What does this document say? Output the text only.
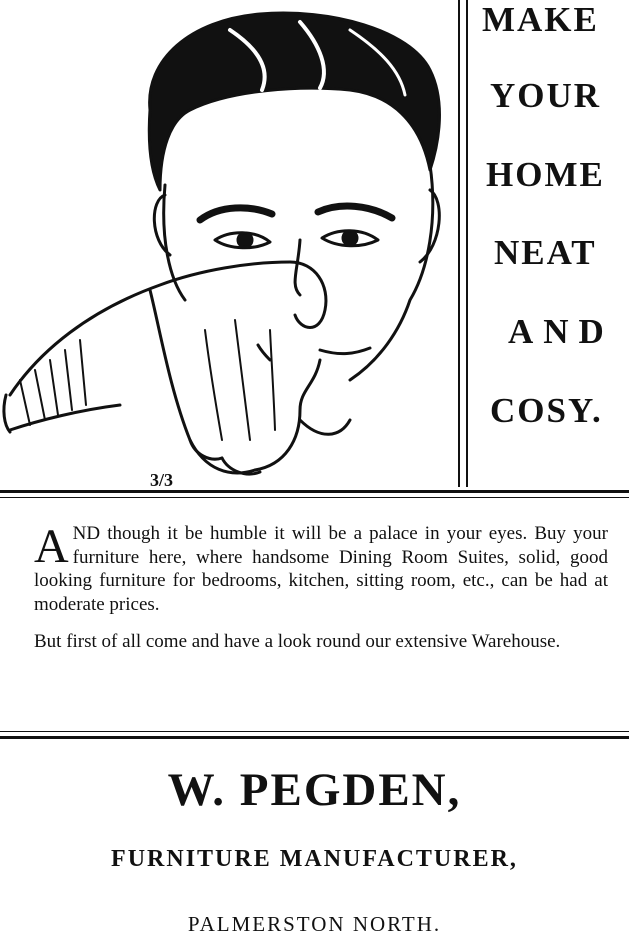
3/3
MAKE
YOUR
HOME
NEAT
AND
COSY.

AND though it be humble it will be a palace in your eyes. Buy your furniture here, where handsome Dining Room Suites, solid, good looking furniture for bedrooms, kitchen, sitting room, etc., can be had at moderate prices.

But first of all come and have a look round our extensive Warehouse.

W. PEGDEN,
FURNITURE MANUFACTURER,
PALMERSTON NORTH.
